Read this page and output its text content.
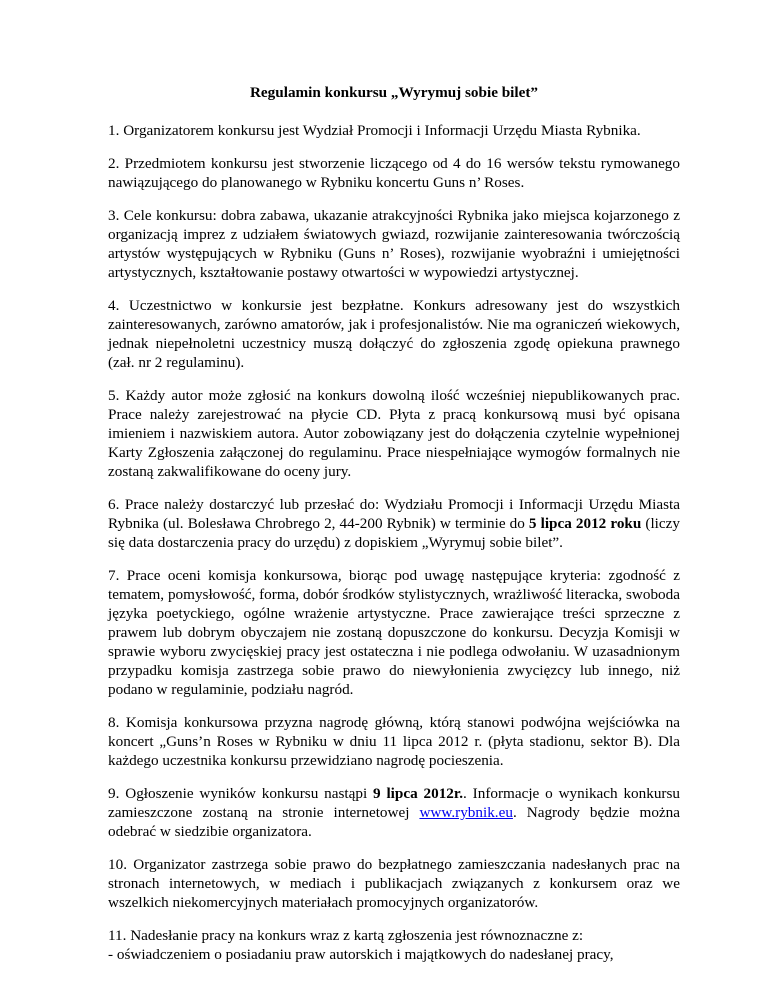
Regulamin konkursu „Wyrymuj sobie bilet”

1. Organizatorem konkursu jest Wydział Promocji i Informacji Urzędu Miasta Rybnika.

2. Przedmiotem konkursu jest stworzenie liczącego od 4 do 16 wersów tekstu rymowanego nawiązującego do planowanego w Rybniku koncertu Guns n’ Roses.

3. Cele konkursu: dobra zabawa, ukazanie atrakcyjności Rybnika jako miejsca kojarzonego z organizacją imprez z udziałem światowych gwiazd, rozwijanie zainteresowania twórczością artystów występujących w Rybniku (Guns n’ Roses), rozwijanie wyobraźni i umiejętności artystycznych, kształtowanie postawy otwartości w wypowiedzi artystycznej.

4. Uczestnictwo w konkursie jest bezpłatne. Konkurs adresowany jest do wszystkich zainteresowanych, zarówno amatorów, jak i profesjonalistów. Nie ma ograniczeń wiekowych, jednak niepełnoletni uczestnicy muszą dołączyć do zgłoszenia zgodę opiekuna prawnego (zał. nr 2 regulaminu).

5. Każdy autor może zgłosić na konkurs dowolną ilość wcześniej niepublikowanych prac. Prace należy zarejestrować na płycie CD. Płyta z pracą konkursową musi być opisana imieniem i nazwiskiem autora. Autor zobowiązany jest do dołączenia czytelnie wypełnionej Karty Zgłoszenia załączonej do regulaminu. Prace niespełniające wymogów formalnych nie zostaną zakwalifikowane do oceny jury.

6. Prace należy dostarczyć lub przesłać do: Wydziału Promocji i Informacji Urzędu Miasta Rybnika (ul. Bolesława Chrobrego 2, 44-200 Rybnik) w terminie do 5 lipca 2012 roku (liczy się data dostarczenia pracy do urzędu) z dopiskiem „Wyrymuj sobie bilet”.

7. Prace oceni komisja konkursowa, biorąc pod uwagę następujące kryteria: zgodność z tematem, pomysłowość, forma, dobór środków stylistycznych, wrażliwość literacka, swoboda języka poetyckiego, ogólne wrażenie artystyczne. Prace zawierające treści sprzeczne z prawem lub dobrym obyczajem nie zostaną dopuszczone do konkursu. Decyzja Komisji w sprawie wyboru zwycięskiej pracy jest ostateczna i nie podlega odwołaniu. W uzasadnionym przypadku komisja zastrzega sobie prawo do niewyłonienia zwycięzcy lub innego, niż podano w regulaminie, podziału nagród.

8. Komisja konkursowa przyzna nagrodę główną, którą stanowi podwójna wejściówka na koncert „Guns’n Roses w Rybniku w dniu 11 lipca 2012 r. (płyta stadionu, sektor B). Dla każdego uczestnika konkursu przewidziano nagrodę pocieszenia.

9. Ogłoszenie wyników konkursu nastąpi 9 lipca 2012r.. Informacje o wynikach konkursu zamieszczone zostaną na stronie internetowej www.rybnik.eu. Nagrody będzie można odebrać w siedzibie organizatora.

10. Organizator zastrzega sobie prawo do bezpłatnego zamieszczania nadesłanych prac na stronach internetowych, w mediach i publikacjach związanych z konkursem oraz we wszelkich niekomercyjnych materiałach promocyjnych organizatorów.

11. Nadesłanie pracy na konkurs wraz z kartą zgłoszenia jest równoznaczne z:
- oświadczeniem o posiadaniu praw autorskich i majątkowych do nadesłanej pracy,
